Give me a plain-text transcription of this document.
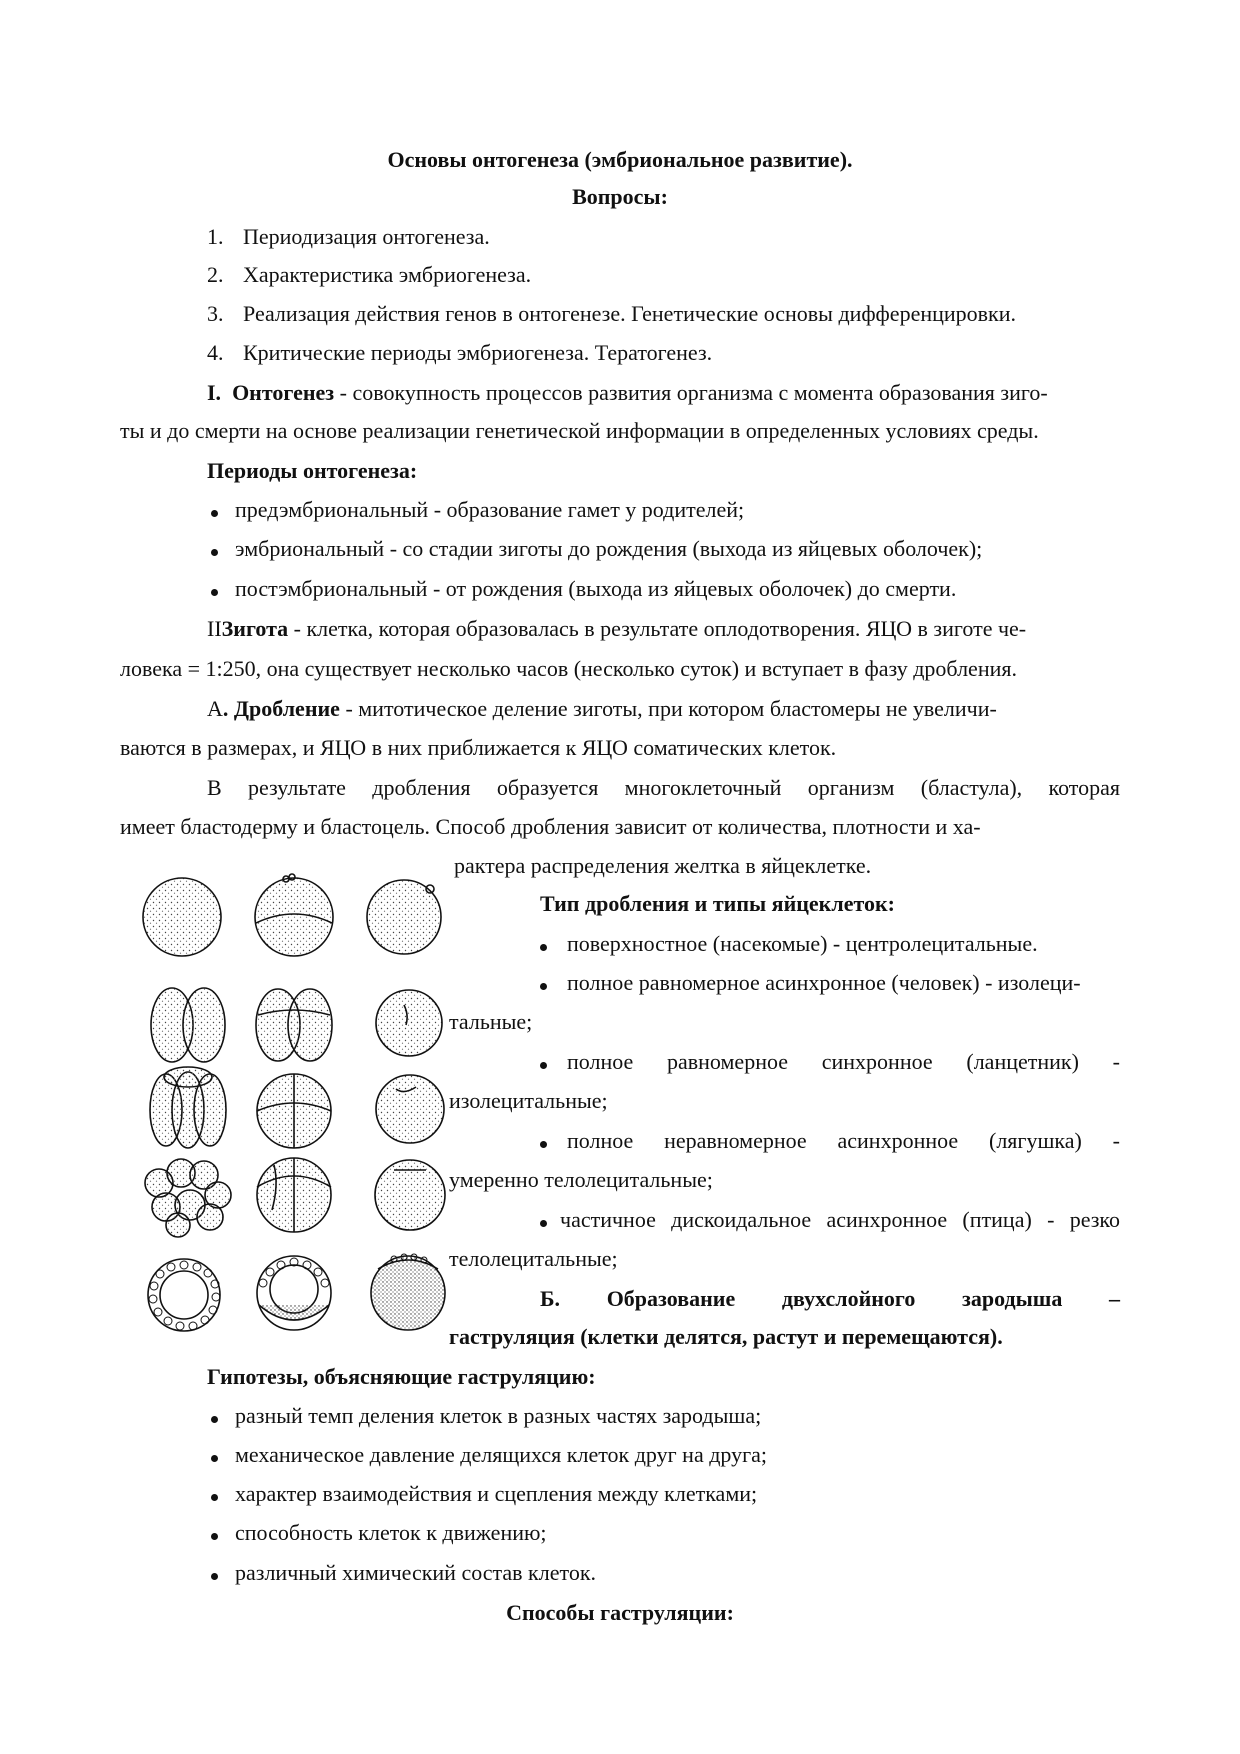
Основы онтогенеза (эмбриональное развитие).
Вопросы:
1. Периодизация онтогенеза.
2. Характеристика эмбриогенеза.
3. Реализация действия генов в онтогенезе. Генетические основы дифференцировки.
4. Критические периоды эмбриогенеза. Тератогенез.
I. Онтогенез - совокупность процессов развития организма с момента образования зиго-
ты и до смерти на основе реализации генетической информации в определенных условиях среды.
Периоды онтогенеза:
предэмбриональный - образование гамет у родителей;
эмбриональный - со стадии зиготы до рождения (выхода из яйцевых оболочек);
постэмбриональный - от рождения (выхода из яйцевых оболочек) до смерти.
IIЗигота - клетка, которая образовалась в результате оплодотворения. ЯЦО в зиготе че-
ловека = 1:250, она существует несколько часов (несколько суток) и вступает в фазу дробления.
А. Дробление - митотическое деление зиготы, при котором бластомеры не увеличи-
ваются в размерах, и ЯЦО в них приближается к ЯЦО соматических клеток.
В результате дробления образуется многоклеточный организм (бластула), которая
имеет бластодерму и бластоцель. Способ дробления зависит от количества, плотности и ха-
рактера распределения желтка в яйцеклетке.
Тип дробления и типы яйцеклеток:
поверхностное (насекомые) - центролецитальные.
полное равномерное асинхронное (человек) - изолеци-
тальные;
полное равномерное синхронное (ланцетник) -
изолецитальные;
полное неравномерное асинхронное (лягушка) -
умеренно телолецитальные;
частичное дискоидальное асинхронное (птица) - резко
телолецитальные;
Б. Образование двухслойного зародыша –
гаструляция (клетки делятся, растут и перемещаются).
Гипотезы, объясняющие гаструляцию:
разный темп деления клеток в разных частях зародыша;
механическое давление делящихся клеток друг на друга;
характер взаимодействия и сцепления между клетками;
способность клеток к движению;
различный химический состав клеток.
Способы гаструляции:
